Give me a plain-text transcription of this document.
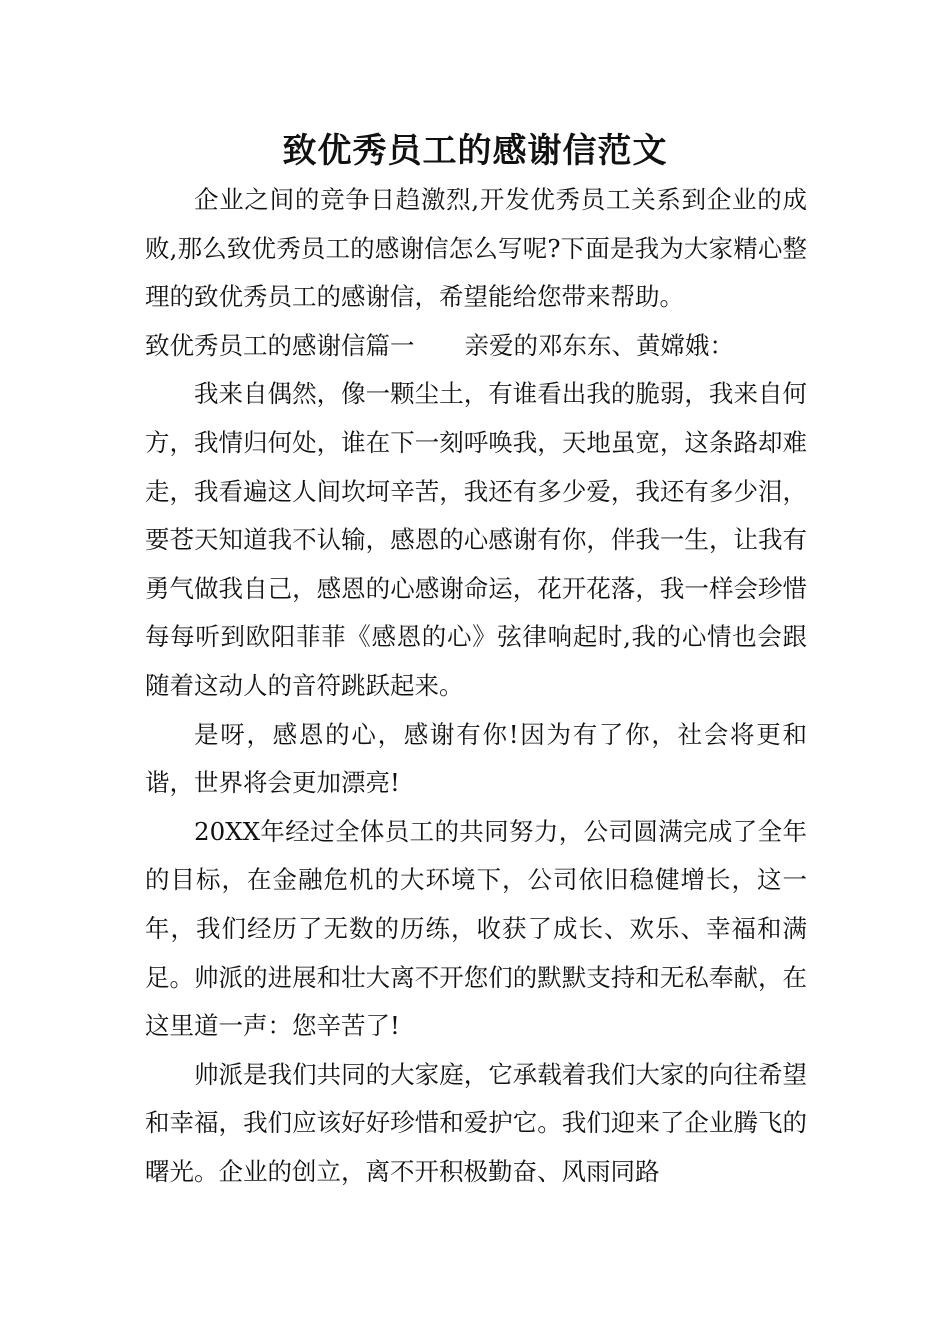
致优秀员工的感谢信范文

企业之间的竞争日趋激烈,开发优秀员工关系到企业的成败,那么致优秀员工的感谢信怎么写呢?下面是我为大家精心整理的致优秀员工的感谢信，希望能给您带来帮助。

致优秀员工的感谢信篇一 亲爱的邓东东、黄嫦娥：

我来自偶然，像一颗尘土，有谁看出我的脆弱，我来自何方，我情归何处，谁在下一刻呼唤我，天地虽宽，这条路却难走，我看遍这人间坎坷辛苦，我还有多少爱，我还有多少泪，要苍天知道我不认输，感恩的心感谢有你，伴我一生，让我有勇气做我自己，感恩的心感谢命运，花开花落，我一样会珍惜 每每听到欧阳菲菲《感恩的心》弦律响起时,我的心情也会跟随着这动人的音符跳跃起来。

是呀，感恩的心，感谢有你!因为有了你，社会将更和谐，世界将会更加漂亮!

20XX年经过全体员工的共同努力，公司圆满完成了全年的目标，在金融危机的大环境下，公司依旧稳健增长，这一年，我们经历了无数的历练，收获了成长、欢乐、幸福和满足。帅派的进展和壮大离不开您们的默默支持和无私奉献，在这里道一声：您辛苦了!

帅派是我们共同的大家庭，它承载着我们大家的向往希望和幸福，我们应该好好珍惜和爱护它。我们迎来了企业腾飞的曙光。企业的创立，离不开积极勤奋、风雨同路
